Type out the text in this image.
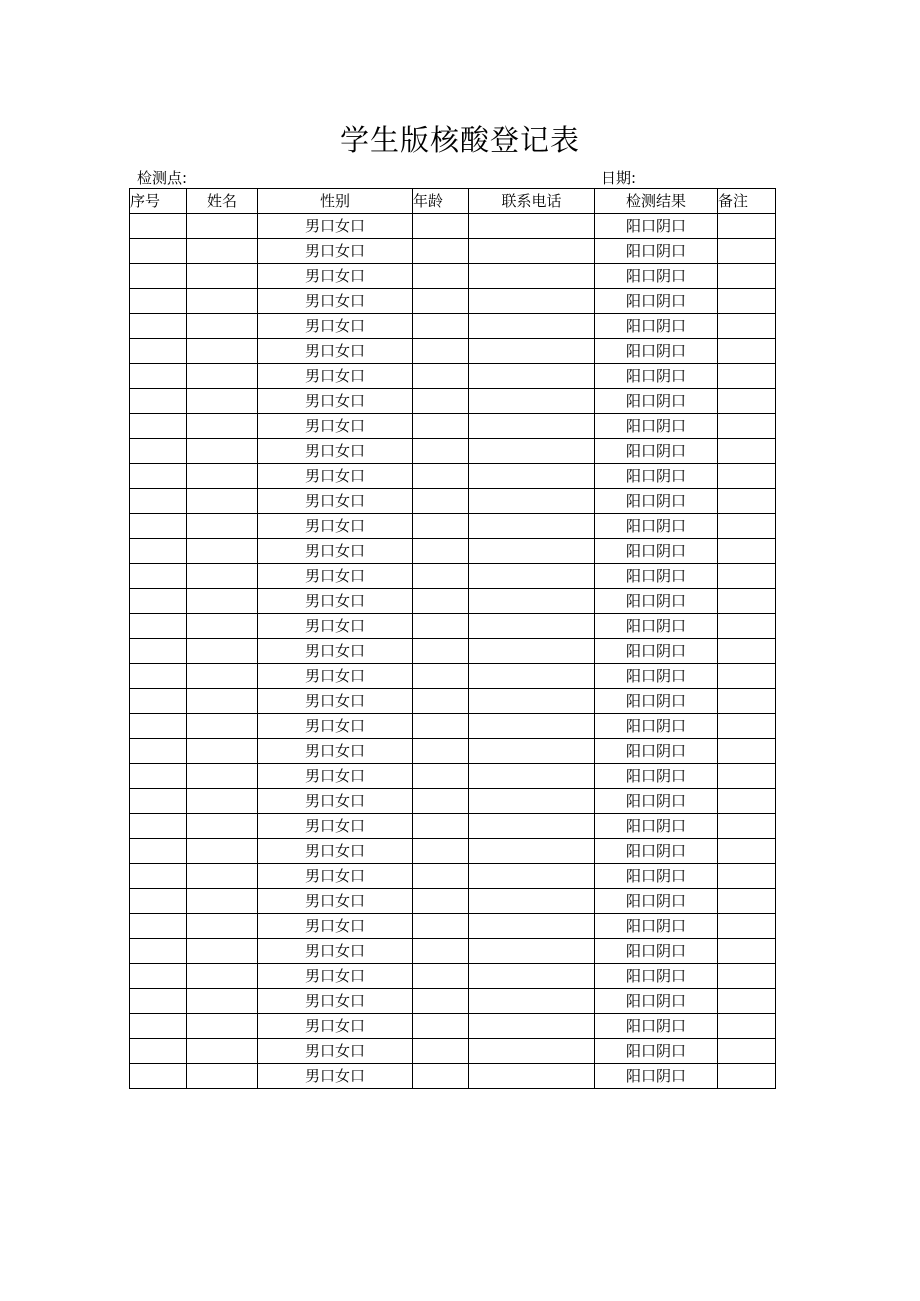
学生版核酸登记表
检测点:	日期:
序号	姓名	性别	年龄	联系电话	检测结果	备注
		男口女口			阳口阴口	
		男口女口			阳口阴口	
		男口女口			阳口阴口	
		男口女口			阳口阴口	
		男口女口			阳口阴口	
		男口女口			阳口阴口	
		男口女口			阳口阴口	
		男口女口			阳口阴口	
		男口女口			阳口阴口	
		男口女口			阳口阴口	
		男口女口			阳口阴口	
		男口女口			阳口阴口	
		男口女口			阳口阴口	
		男口女口			阳口阴口	
		男口女口			阳口阴口	
		男口女口			阳口阴口	
		男口女口			阳口阴口	
		男口女口			阳口阴口	
		男口女口			阳口阴口	
		男口女口			阳口阴口	
		男口女口			阳口阴口	
		男口女口			阳口阴口	
		男口女口			阳口阴口	
		男口女口			阳口阴口	
		男口女口			阳口阴口	
		男口女口			阳口阴口	
		男口女口			阳口阴口	
		男口女口			阳口阴口	
		男口女口			阳口阴口	
		男口女口			阳口阴口	
		男口女口			阳口阴口	
		男口女口			阳口阴口	
		男口女口			阳口阴口	
		男口女口			阳口阴口	
		男口女口			阳口阴口	
